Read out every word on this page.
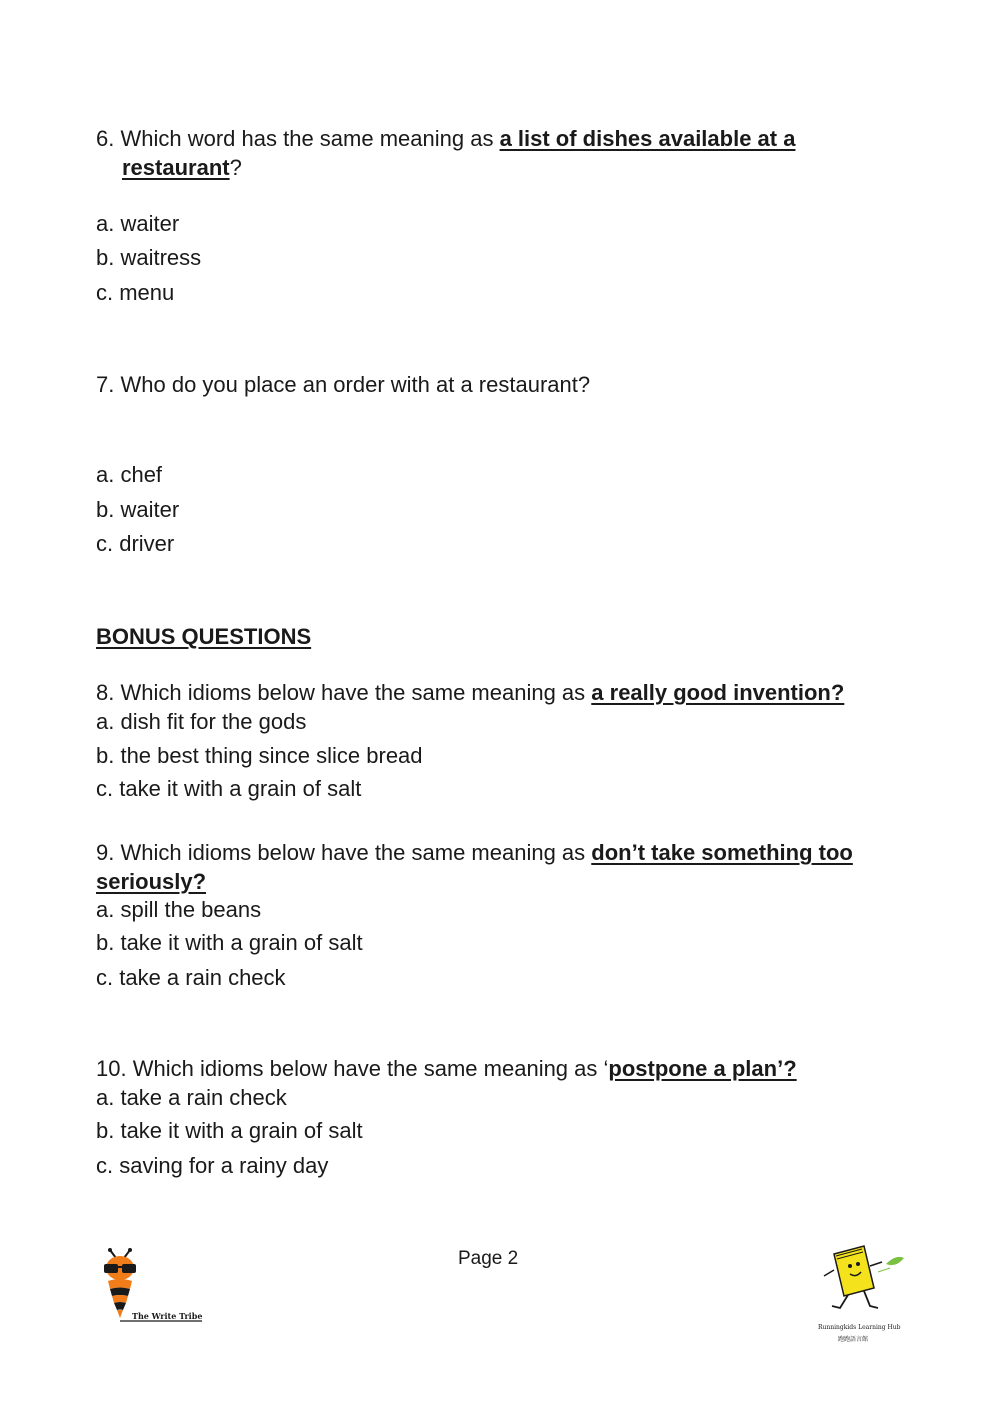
6. Which word has the same meaning as a list of dishes available at a
restaurant?
a. waiter
b. waitress
c. menu
7. Who do you place an order with at a restaurant?
a. chef
b. waiter
c. driver
BONUS QUESTIONS
8. Which idioms below have the same meaning as a really good invention?
a. dish fit for the gods
b. the best thing since slice bread
c. take it with a grain of salt
9. Which idioms below have the same meaning as don’t take something too
seriously?
a. spill the beans
b. take it with a grain of salt
c. take a rain check
10. Which idioms below have the same meaning as ‘postpone a plan’?
a. take a rain check
b. take it with a grain of salt
c. saving for a rainy day
Page 2
The Write Tribe
Runningkids Learning Hub
跑跑語言館
